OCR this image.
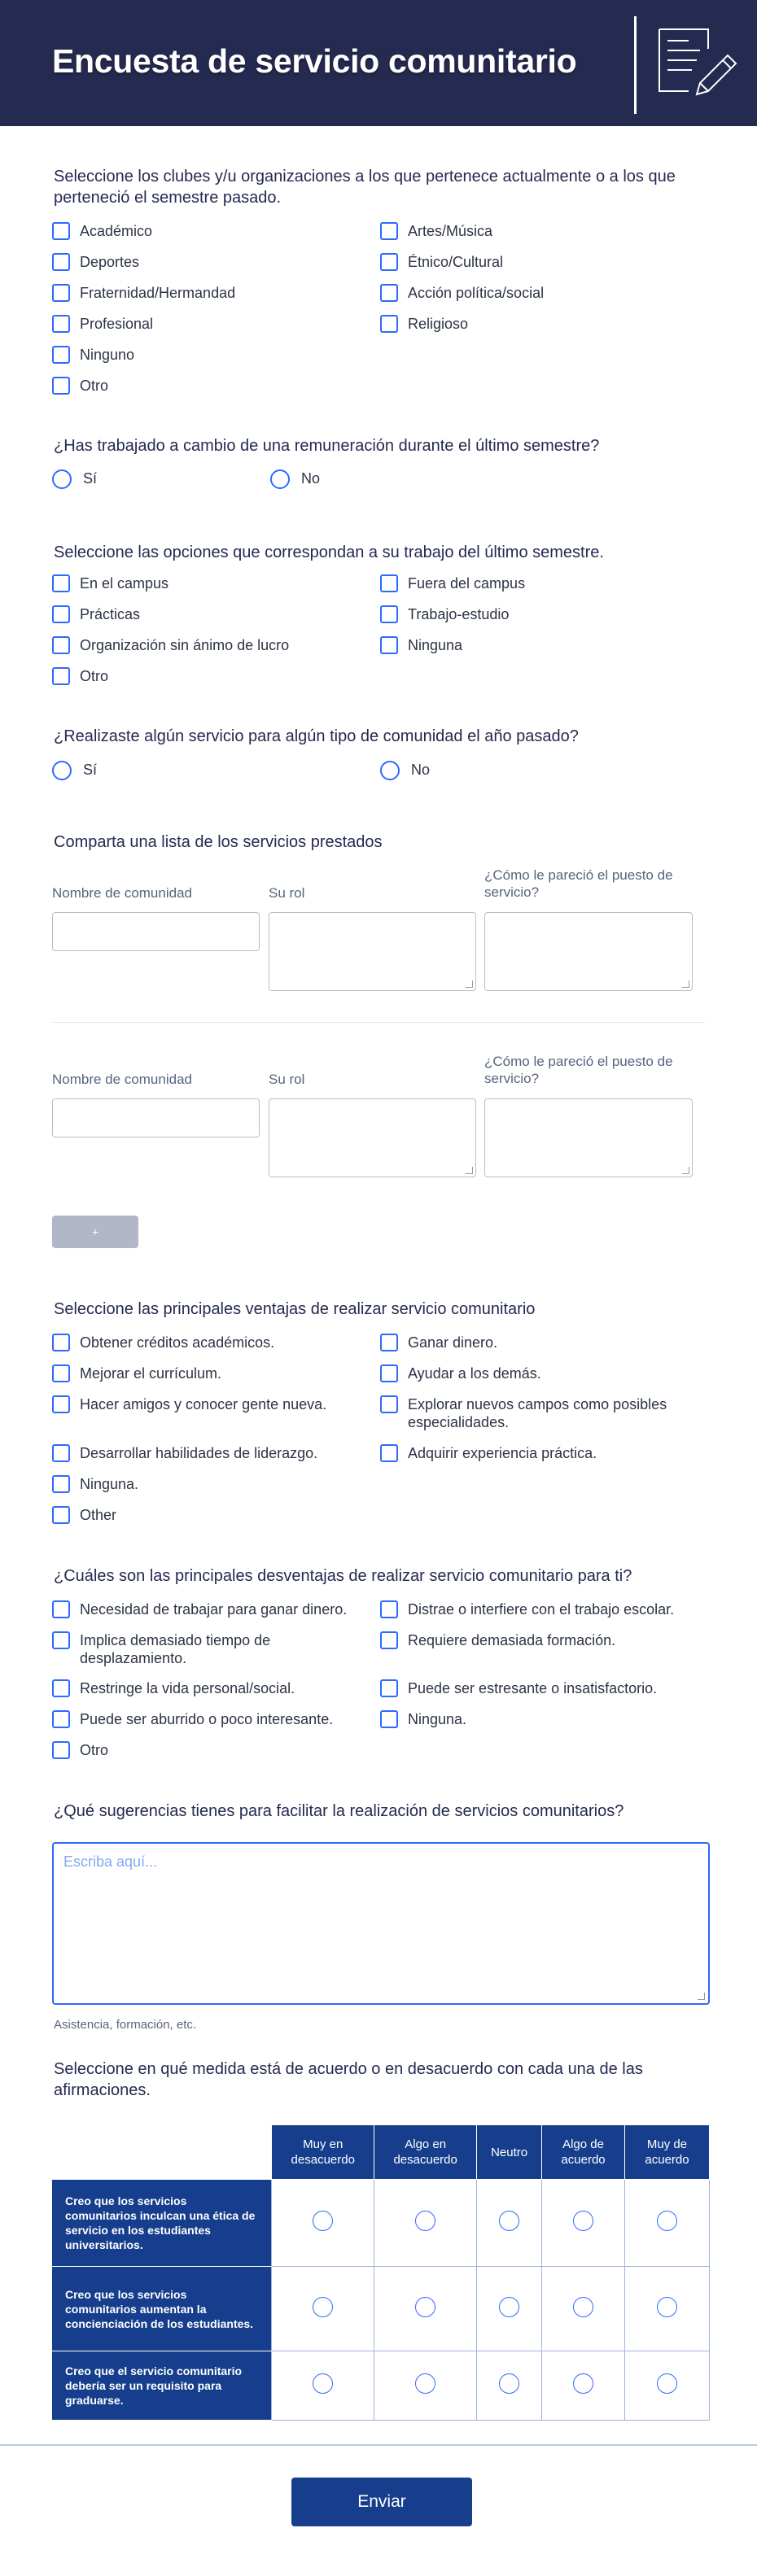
Encuesta de servicio comunitario
Seleccione los clubes y/u organizaciones a los que pertenece actualmente o a los que perteneció el semestre pasado.
Académico	Artes/Música
Deportes	Étnico/Cultural
Fraternidad/Hermandad	Acción política/social
Profesional	Religioso
Ninguno
Otro
¿Has trabajado a cambio de una remuneración durante el último semestre?
Sí	No
Seleccione las opciones que correspondan a su trabajo del último semestre.
En el campus	Fuera del campus
Prácticas	Trabajo-estudio
Organización sin ánimo de lucro	Ninguna
Otro
¿Realizaste algún servicio para algún tipo de comunidad el año pasado?
Sí	No
Comparta una lista de los servicios prestados
Nombre de comunidad	Su rol
¿Cómo le pareció el puesto de servicio?
Nombre de comunidad	Su rol
¿Cómo le pareció el puesto de servicio?
+
Seleccione las principales ventajas de realizar servicio comunitario
Obtener créditos académicos.	Ganar dinero.
Mejorar el currículum.	Ayudar a los demás.
Hacer amigos y conocer gente nueva.	Explorar nuevos campos como posibles especialidades.
Desarrollar habilidades de liderazgo.	Adquirir experiencia práctica.
Ninguna.
Other
¿Cuáles son las principales desventajas de realizar servicio comunitario para ti?
Necesidad de trabajar para ganar dinero.	Distrae o interfiere con el trabajo escolar.
Implica demasiado tiempo de desplazamiento.
Requiere demasiada formación.
Restringe la vida personal/social.	Puede ser estresante o insatisfactorio.
Puede ser aburrido o poco interesante.	Ninguna.
Otro
¿Qué sugerencias tienes para facilitar la realización de servicios comunitarios?
Escriba aquí...
Asistencia, formación, etc.
Seleccione en qué medida está de acuerdo o en desacuerdo con cada una de las afirmaciones.
	Muy en desacuerdo	Algo en desacuerdo	Neutro	Algo de acuerdo	Muy de acuerdo
Creo que los servicios comunitarios inculcan una ética de servicio en los estudiantes universitarios.					
Creo que los servicios comunitarios aumentan la concienciación de los estudiantes.					
Creo que el servicio comunitario debería ser un requisito para graduarse.					
Enviar
